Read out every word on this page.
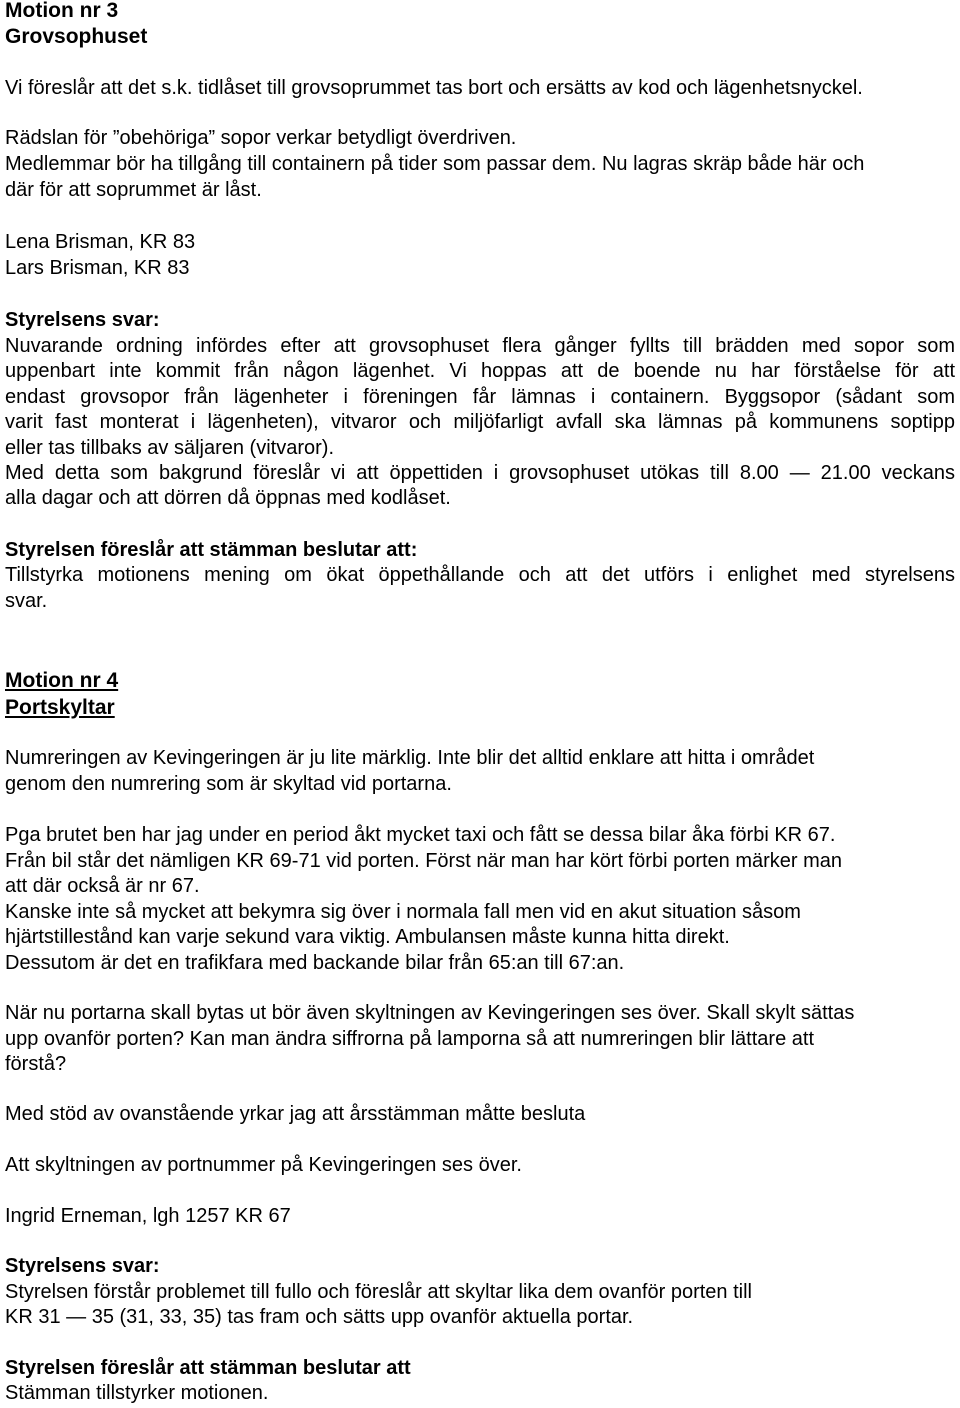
Motion nr 3
Grovsophuset
Vi föreslår att det s.k. tidlåset till grovsoprummet tas bort och ersätts av kod och lägenhetsnyckel.
Rädslan för ”obehöriga” sopor verkar betydligt överdriven.
Medlemmar bör ha tillgång till containern på tider som passar dem. Nu lagras skräp både här och
där för att soprummet är låst.
Lena Brisman, KR 83
Lars Brisman, KR 83
Styrelsens svar:
Nuvarande ordning infördes efter att grovsophuset flera gånger fyllts till brädden med sopor som
uppenbart inte kommit från någon lägenhet. Vi hoppas att de boende nu har förståelse för att
endast grovsopor från lägenheter i föreningen får lämnas i containern. Byggsopor (sådant som
varit fast monterat i lägenheten), vitvaror och miljöfarligt avfall ska lämnas på kommunens soptipp
eller tas tillbaks av säljaren (vitvaror).
Med detta som bakgrund föreslår vi att öppettiden i grovsophuset utökas till 8.00 — 21.00 veckans
alla dagar och att dörren då öppnas med kodlåset.
Styrelsen föreslår att stämman beslutar att:
Tillstyrka motionens mening om ökat öppethållande och att det utförs i enlighet med styrelsens
svar.
Motion nr 4
Portskyltar
Numreringen av Kevingeringen är ju lite märklig. Inte blir det alltid enklare att hitta i området
genom den numrering som är skyltad vid portarna.
Pga brutet ben har jag under en period åkt mycket taxi och fått se dessa bilar åka förbi KR 67.
Från bil står det nämligen KR 69-71 vid porten. Först när man har kört förbi porten märker man
att där också är nr 67.
Kanske inte så mycket att bekymra sig över i normala fall men vid en akut situation såsom
hjärtstillestånd kan varje sekund vara viktig. Ambulansen måste kunna hitta direkt.
Dessutom är det en trafikfara med backande bilar från 65:an till 67:an.
När nu portarna skall bytas ut bör även skyltningen av Kevingeringen ses över. Skall skylt sättas
upp ovanför porten? Kan man ändra siffrorna på lamporna så att numreringen blir lättare att
förstå?
Med stöd av ovanstående yrkar jag att årsstämman måtte besluta
Att skyltningen av portnummer på Kevingeringen ses över.
Ingrid Erneman, lgh 1257 KR 67
Styrelsens svar:
Styrelsen förstår problemet till fullo och föreslår att skyltar lika dem ovanför porten till
KR 31 — 35 (31, 33, 35) tas fram och sätts upp ovanför aktuella portar.
Styrelsen föreslår att stämman beslutar att
Stämman tillstyrker motionen.
